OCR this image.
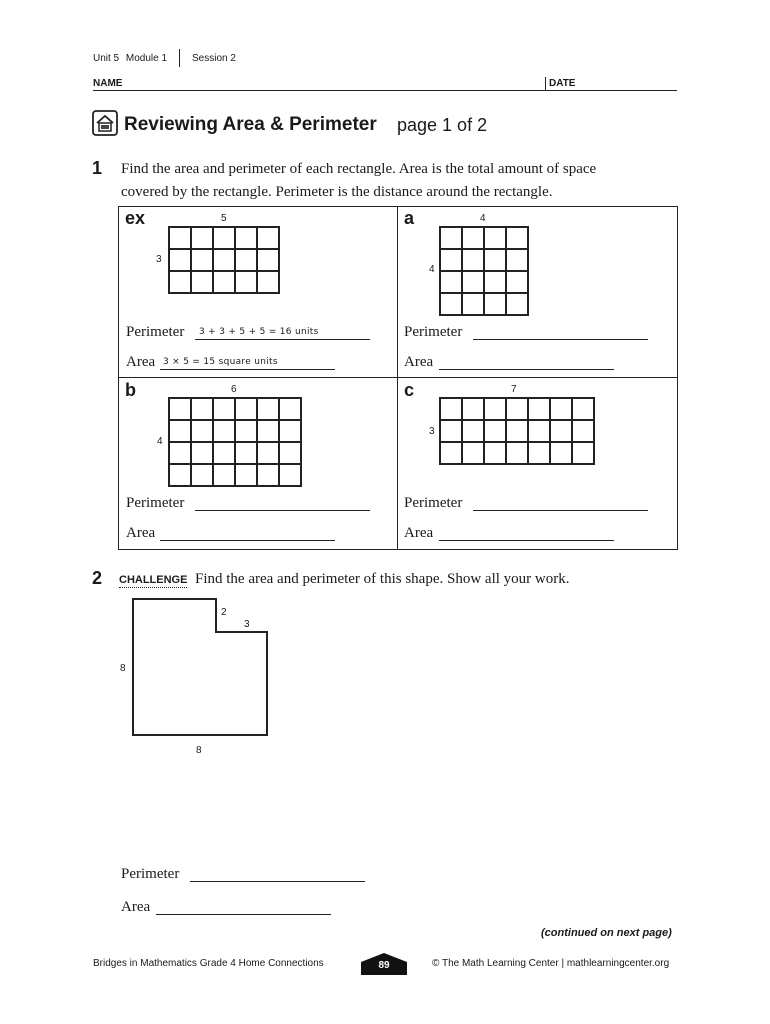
Unit 5 Module 1 Session 2
NAME	DATE
Reviewing Area & Perimeter page 1 of 2
1 Find the area and perimeter of each rectangle. Area is the total amount of space
covered by the rectangle. Perimeter is the distance around the rectangle.
ex	5
3

Perimeter 3 + 3 + 5 + 5 = 16 units
Area 3 × 5 = 15 square units
a	4
4

Perimeter
Area
b	6
4

Perimeter
Area
c	7
3

Perimeter
Area
2 CHALLENGE Find the area and perimeter of this shape. Show all your work.
2
3
8
8
Perimeter
Area
(continued on next page)
Bridges in Mathematics Grade 4 Home Connections	89	© The Math Learning Center | mathlearningcenter.org
